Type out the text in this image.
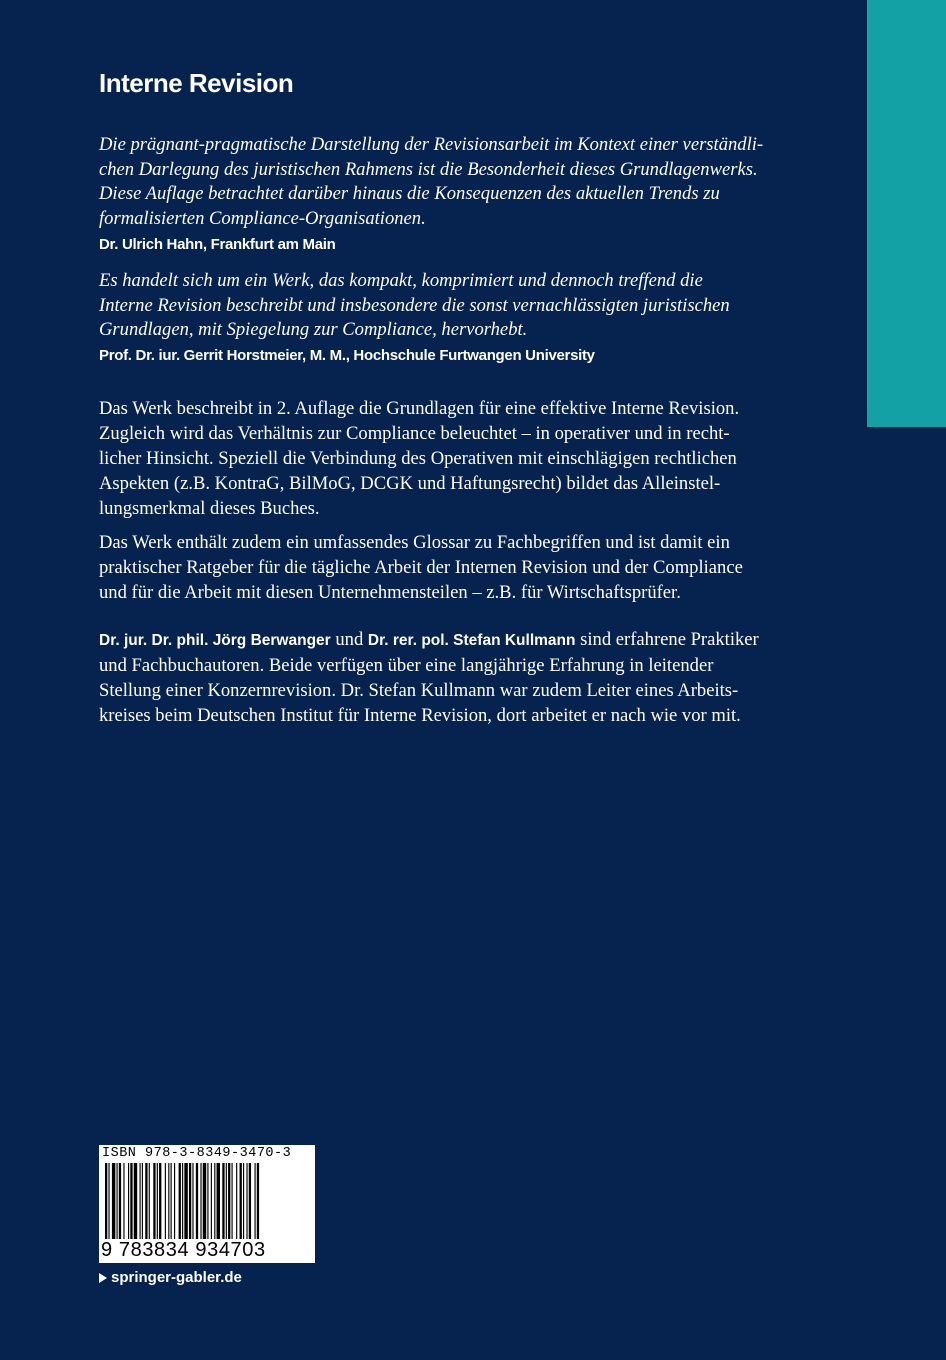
Interne Revision

Die prägnant-pragmatische Darstellung der Revisionsarbeit im Kontext einer verständli-
chen Darlegung des juristischen Rahmens ist die Besonderheit dieses Grundlagenwerks.
Diese Auflage betrachtet darüber hinaus die Konsequenzen des aktuellen Trends zu
formalisierten Compliance-Organisationen.

Dr. Ulrich Hahn, Frankfurt am Main

Es handelt sich um ein Werk, das kompakt, komprimiert und dennoch treffend die
Interne Revision beschreibt und insbesondere die sonst vernachlässigten juristischen
Grundlagen, mit Spiegelung zur Compliance, hervorhebt.

Prof. Dr. iur. Gerrit Horstmeier, M. M., Hochschule Furtwangen University

Das Werk beschreibt in 2. Auflage die Grundlagen für eine effektive Interne Revision.
Zugleich wird das Verhältnis zur Compliance beleuchtet – in operativer und in recht-
licher Hinsicht. Speziell die Verbindung des Operativen mit einschlägigen rechtlichen
Aspekten (z.B. KontraG, BilMoG, DCGK und Haftungsrecht) bildet das Alleinstel-
lungsmerkmal dieses Buches.

Das Werk enthält zudem ein umfassendes Glossar zu Fachbegriffen und ist damit ein
praktischer Ratgeber für die tägliche Arbeit der Internen Revision und der Compliance
und für die Arbeit mit diesen Unternehmensteilen – z.B. für Wirtschaftsprüfer.

Dr. jur. Dr. phil. Jörg Berwanger und Dr. rer. pol. Stefan Kullmann sind erfahrene Praktiker
und Fachbuchautoren. Beide verfügen über eine langjährige Erfahrung in leitender
Stellung einer Konzernrevision. Dr. Stefan Kullmann war zudem Leiter eines Arbeits-
kreises beim Deutschen Institut für Interne Revision, dort arbeitet er nach wie vor mit.

ISBN 978-3-8349-3470-3
9 783834 934703
springer-gabler.de
